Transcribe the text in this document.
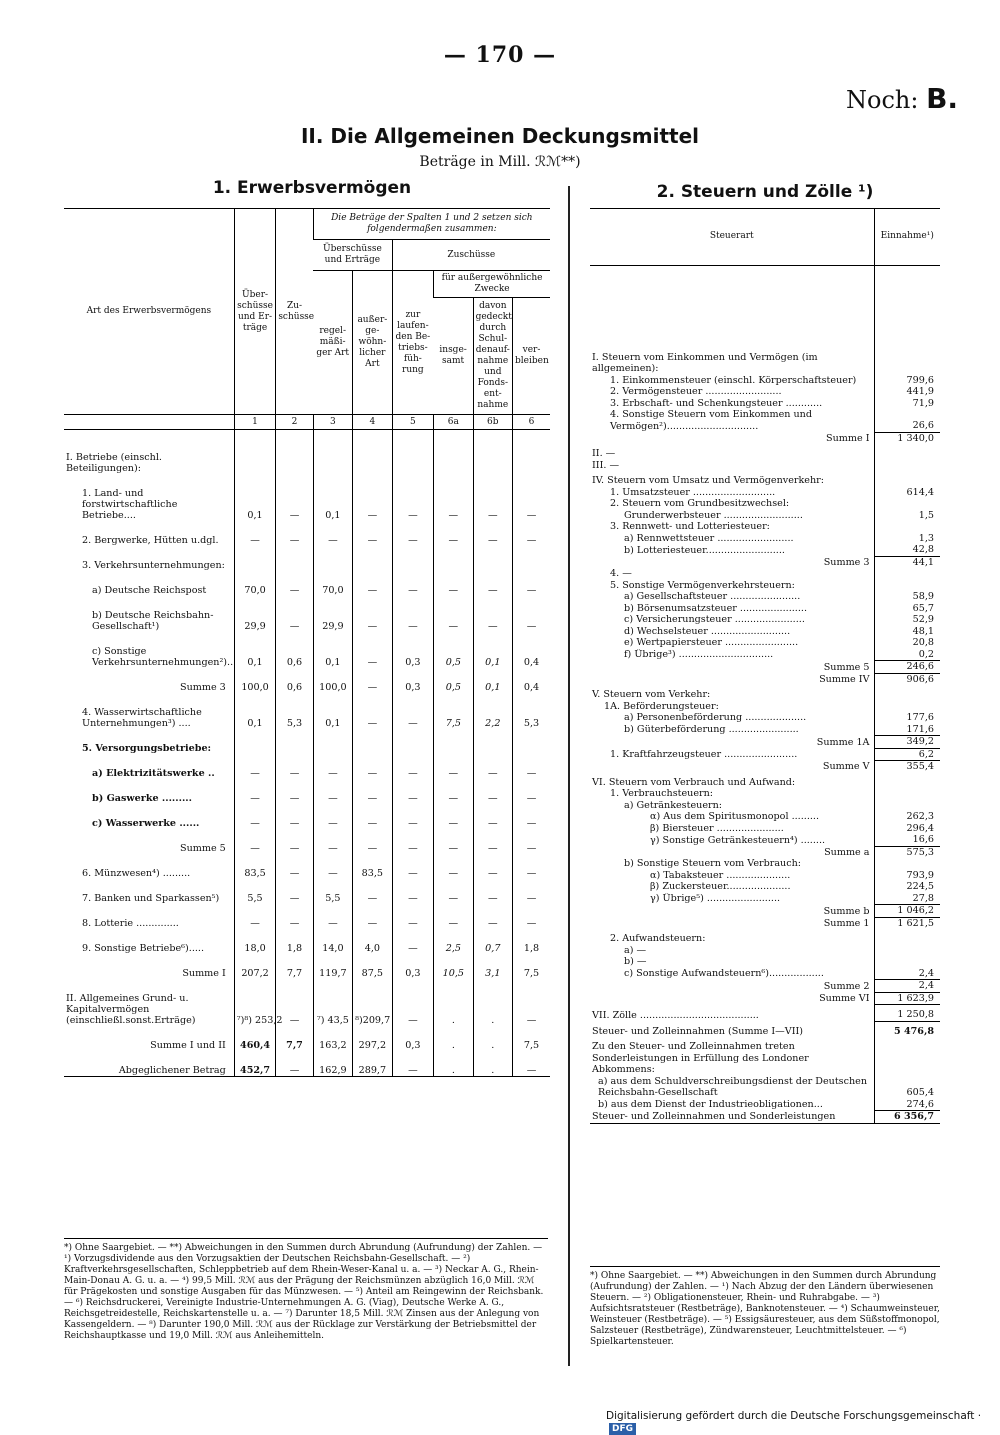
— 170 —
Noch: B.
II. Die Allgemeinen Deckungsmittel
Beträge in Mill. ℛℳ**)
1. Erwerbsvermögen	2. Steuern und Zölle ¹)
Art des Erwerbsvermögens	Über-schüsse und Er-träge	Zu-schüsse	Die Beträge der Spalten 1 und 2 setzen sich folgendermaßen zusammen:					
			Überschüsse und Erträge		Zuschüsse			
			regel-mäßi-ger Art	außer-ge-wöhn-licher Art	zur laufen-den Be-triebs-füh-rung	für außergewöhnliche Zwecke		
						insge-samt	davon gedeckt durch Schul-denauf-nahme und Fonds-ent-nahme	ver-bleiben
	1	2	3	4	5	6a	6b	6
I. Betriebe (einschl. Beteiligungen):								
1. Land- und forstwirtschaftliche Betriebe....	0,1	—	0,1	—	—	—	—	—
2. Bergwerke, Hütten u.dgl.	—	—	—	—	—	—	—	—
3. Verkehrsunternehmungen:								
a) Deutsche Reichspost	70,0	—	70,0	—	—	—	—	—
b) Deutsche Reichsbahn-Gesellschaft¹)	29,9	—	29,9	—	—	—	—	—
c) Sonstige Verkehrsunternehmungen²)..	0,1	0,6	0,1	—	0,3	0,5	0,1	0,4
Summe 3	100,0	0,6	100,0	—	0,3	0,5	0,1	0,4
4. Wasserwirtschaftliche Unternehmungen³) ....	0,1	5,3	0,1	—	—	7,5	2,2	5,3
5. Versorgungsbetriebe:								
a) Elektrizitätswerke ..	—	—	—	—	—	—	—	—
b) Gaswerke .........	—	—	—	—	—	—	—	—
c) Wasserwerke ......	—	—	—	—	—	—	—	—
Summe 5	—	—	—	—	—	—	—	—
6. Münzwesen⁴) .........	83,5	—	—	83,5	—	—	—	—
7. Banken und Sparkassen⁵)	5,5	—	5,5	—	—	—	—	—
8. Lotterie ..............	—	—	—	—	—	—	—	—
9. Sonstige Betriebe⁶).....	18,0	1,8	14,0	4,0	—	2,5	0,7	1,8
Summe I	207,2	7,7	119,7	87,5	0,3	10,5	3,1	7,5
II. Allgemeines Grund- u. Kapitalvermögen (einschließl.sonst.Erträge)	⁷)⁸) 253,2	—	⁷) 43,5	⁸)209,7	—	.	.	—
Summe I und II	460,4	7,7	163,2	297,2	0,3	.	.	7,5
Abgeglichener Betrag	452,7	—	162,9	289,7	—	.	.	—
Steuerart	Einnahme¹)
I. Steuern vom Einkommen und Vermögen (im allgemeinen):	
1. Einkommensteuer (einschl. Körperschaftsteuer)	799,6
2. Vermögensteuer .........................	441,9
3. Erbschaft- und Schenkungsteuer ............	71,9
4. Sonstige Steuern vom Einkommen und Vermögen²)..............................	26,6
Summe I	1 340,0
II. —	
III. —	
IV. Steuern vom Umsatz und Vermögenverkehr:	
1. Umsatzsteuer ...........................	614,4
2. Steuern vom Grundbesitzwechsel:	
Grunderwerbsteuer ..........................	1,5
3. Rennwett- und Lotteriesteuer:	
a) Rennwettsteuer .........................	1,3
b) Lotteriesteuer..........................	42,8
Summe 3	44,1
4. —	
5. Sonstige Vermögenverkehrsteuern:	
a) Gesellschaftsteuer .......................	58,9
b) Börsenumsatzsteuer ......................	65,7
c) Versicherungsteuer .......................	52,9
d) Wechselsteuer ..........................	48,1
e) Wertpapiersteuer ........................	20,8
f) Übrige³) ...............................	0,2
Summe 5	246,6
Summe IV	906,6
V. Steuern vom Verkehr:	
1A. Beförderungsteuer:	
a) Personenbeförderung ....................	177,6
b) Güterbeförderung .......................	171,6
Summe 1A	349,2
1. Kraftfahrzeugsteuer ........................	6,2
Summe V	355,4
VI. Steuern vom Verbrauch und Aufwand:	
1. Verbrauchsteuern:	
a) Getränkesteuern:	
α) Aus dem Spiritusmonopol .........	262,3
β) Biersteuer ......................	296,4
γ) Sonstige Getränkesteuern⁴) ........	16,6
Summe a	575,3
b) Sonstige Steuern vom Verbrauch:	
α) Tabaksteuer .....................	793,9
β) Zuckersteuer.....................	224,5
γ) Übrige⁵) ........................	27,8
Summe b	1 046,2
Summe 1	1 621,5
2. Aufwandsteuern:	
a) —	
b) —	
c) Sonstige Aufwandsteuern⁶)..................	2,4
Summe 2	2,4
Summe VI	1 623,9
VII. Zölle .......................................	1 250,8
Steuer- und Zolleinnahmen (Summe I—VII)	5 476,8
Zu den Steuer- und Zolleinnahmen treten Sonderleistungen in Erfüllung des Londoner Abkommens:	
a) aus dem Schuldverschreibungsdienst der Deutschen Reichsbahn-Gesellschaft	605,4
b) aus dem Dienst der Industrieobligationen...	274,6
Steuer- und Zolleinnahmen und Sonderleistungen	6 356,7
*) Ohne Saargebiet. — **) Abweichungen in den Summen durch Abrundung (Aufrundung) der Zahlen. — ¹) Vorzugsdividende aus den Vorzugsaktien der Deutschen Reichsbahn-Gesellschaft. — ²) Kraftverkehrsgesellschaften, Schleppbetrieb auf dem Rhein-Weser-Kanal u. a. — ³) Neckar A. G., Rhein-Main-Donau A. G. u. a. — ⁴) 99,5 Mill. ℛℳ aus der Prägung der Reichsmünzen abzüglich 16,0 Mill. ℛℳ für Prägekosten und sonstige Ausgaben für das Münzwesen. — ⁵) Anteil am Reingewinn der Reichsbank. — ⁶) Reichsdruckerei, Vereinigte Industrie-Unternehmungen A. G. (Viag), Deutsche Werke A. G., Reichsgetreidestelle, Reichskartenstelle u. a. — ⁷) Darunter 18,5 Mill. ℛℳ Zinsen aus der Anlegung von Kassengeldern. — ⁸) Darunter 190,0 Mill. ℛℳ aus der Rücklage zur Verstärkung der Betriebsmittel der Reichshauptkasse und 19,0 Mill. ℛℳ aus Anleihemitteln.
*) Ohne Saargebiet. — **) Abweichungen in den Summen durch Abrundung (Aufrundung) der Zahlen. — ¹) Nach Abzug der den Ländern überwiesenen Steuern. — ²) Obligationensteuer, Rhein- und Ruhrabgabe. — ³) Aufsichtsratsteuer (Restbeträge), Banknotensteuer. — ⁴) Schaumweinsteuer, Weinsteuer (Restbeträge). — ⁵) Essigsäuresteuer, aus dem Süßstoffmonopol, Salzsteuer (Restbeträge), Zündwarensteuer, Leuchtmittelsteuer. — ⁶) Spielkartensteuer.
Digitalisierung gefördert durch die Deutsche Forschungsgemeinschaft ·DFG
